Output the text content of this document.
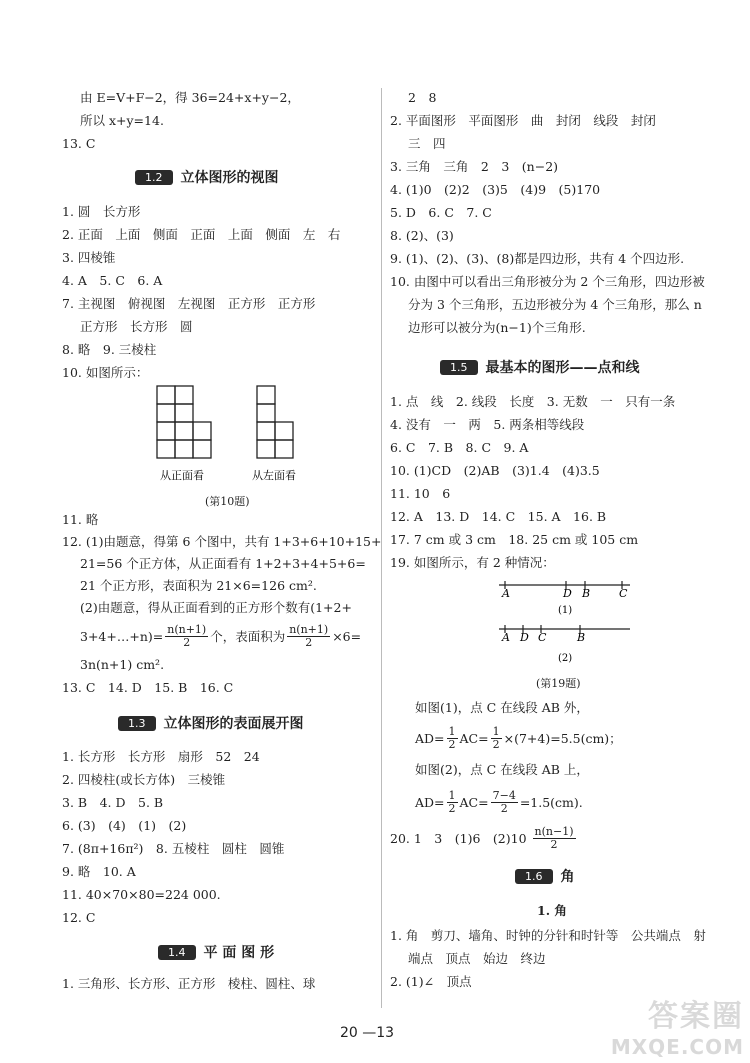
由 E=V+F−2，得 36=24+x+y−2，
所以 x+y=14.
13. C
1.2	立体图形的视图
1. 圆　长方形
2. 正面　上面　侧面　正面　上面　侧面　左　右
3. 四棱锥
4. A　5. C　6. A
7. 主视图　俯视图　左视图　正方形　正方形
正方形　长方形　圆
8. 略　9. 三棱柱
10. 如图所示：
从正面看	从左面看
(第10题)
11. 略
12. (1)由题意，得第 6 个图中，共有 1+3+6+10+15+
21=56 个正方体，从正面看有 1+2+3+4+5+6=
21 个正方形，表面积为 21×6=126 cm².
(2)由题意，得从正面看到的正方形个数有(1+2+
3+4+…+n)= $\frac{n(n+1)}{2}$ 个，表面积为 $\frac{n(n+1)}{2} \times 6=$
3n(n+1) cm².
13. C　14. D　15. B　16. C
1.3	立体图形的表面展开图
1. 长方形　长方形　扇形　52　24
2. 四棱柱(或长方体)　三棱锥
3. B　4. D　5. B
6. (3)　(4)　(1)　(2)
7. (8π+16π²)　8. 五棱柱　圆柱　圆锥
9. 略　10. A
11. 40×70×80=224 000.
12. C
1.4	平 面 图 形
1. 三角形、长方形、正方形　棱柱、圆柱、球
2　8
2. 平面图形　平面图形　曲　封闭　线段　封闭
三　四
3. 三角　三角　2　3　(n−2)
4. (1)0　(2)2　(3)5　(4)9　(5)170
5. D　6. C　7. C
8. (2)、(3)
9. (1)、(2)、(3)、(8)都是四边形，共有 4 个四边形.
10. 由图中可以看出三角形被分为 2 个三角形，四边形被
分为 3 个三角形，五边形被分为 4 个三角形，那么 n
边形可以被分为(n−1)个三角形.
1.5	最基本的图形——点和线
1. 点　线　2. 线段　长度　3. 无数　一　只有一条
4. 没有　一　两　5. 两条相等线段
6. C　7. B　8. C　9. A
10. (1)CD　(2)AB　(3)1.4　(4)3.5
11. 10　6
12. A　13. D　14. C　15. A　16. B
17. 7 cm 或 3 cm　18. 25 cm 或 105 cm
19. 如图所示，有 2 种情况：
A	D B	C
A D C	B
(1)
(2)
(第19题)
如图(1)，点 C 在线段 AB 外，
$AD= \frac{1}{2} AC= \frac{1}{2} \times(7+4)=5.5(cm)$；
如图(2)，点 C 在线段 AB 上，
$AD= \frac{1}{2} AC= \frac{7-4}{2} =1.5(cm)$.
20. 1　3　(1)6　$(2)10 \frac{n(n-1)}{2}$
1.6	角
1. 角
1. 角　剪刀、墙角、时钟的分针和时针等　公共端点　射
端点　顶点　始边　终边
2. (1)∠　顶点
20 —13	答案圈
MXQE.COM
